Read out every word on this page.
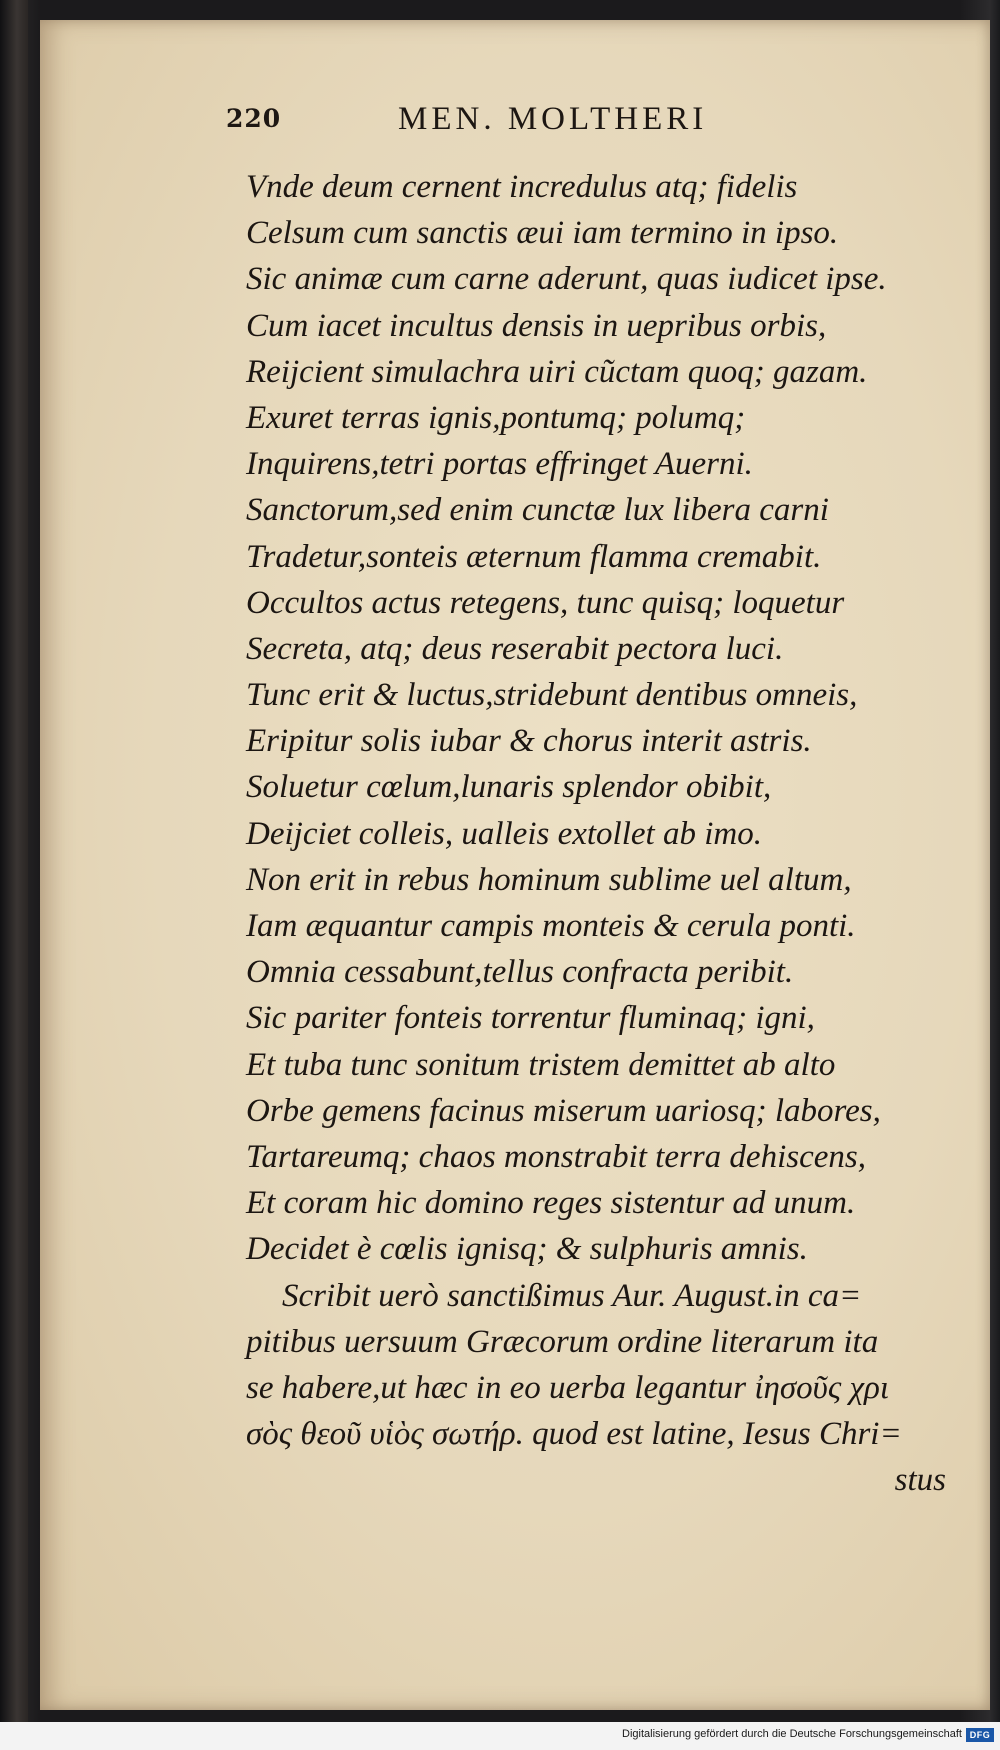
220	MEN. MOLTHERI
Vnde deum cernent incredulus atq; fidelis
Celsum cum sanctis æui iam termino in ipso.
Sic animæ cum carne aderunt, quas iudicet ipse.
Cum iacet incultus densis in uepribus orbis,
Reijcient simulachra uiri cũctam quoq; gazam.
Exuret terras ignis,pontumq; polumq;
Inquirens,tetri portas effringet Auerni.
Sanctorum,sed enim cunctæ lux libera carni
Tradetur,sonteis æternum flamma cremabit.
Occultos actus retegens, tunc quisq; loquetur
Secreta, atq; deus reserabit pectora luci.
Tunc erit & luctus,stridebunt dentibus omneis,
Eripitur solis iubar & chorus interit astris.
Soluetur cœlum,lunaris splendor obibit,
Deijciet colleis, ualleis extollet ab imo.
Non erit in rebus hominum sublime uel altum,
Iam æquantur campis monteis & cerula ponti.
Omnia cessabunt,tellus confracta peribit.
Sic pariter fonteis torrentur fluminaq; igni,
Et tuba tunc sonitum tristem demittet ab alto
Orbe gemens facinus miserum uariosq; labores,
Tartareumq; chaos monstrabit terra dehiscens,
Et coram hic domino reges sistentur ad unum.
Decidet è cœlis ignisq; & sulphuris amnis.
Scribit uerò sanctißimus Aur. August.in ca=
pitibus uersuum Græcorum ordine literarum ita
se habere,ut hæc in eo uerba legantur ἰησοῦς χρι
σὸς θεοῦ υἱὸς σωτήρ. quod est latine, Iesus Chri=
stus
Digitalisierung gefördert durch die Deutsche Forschungsgemeinschaft DFG
